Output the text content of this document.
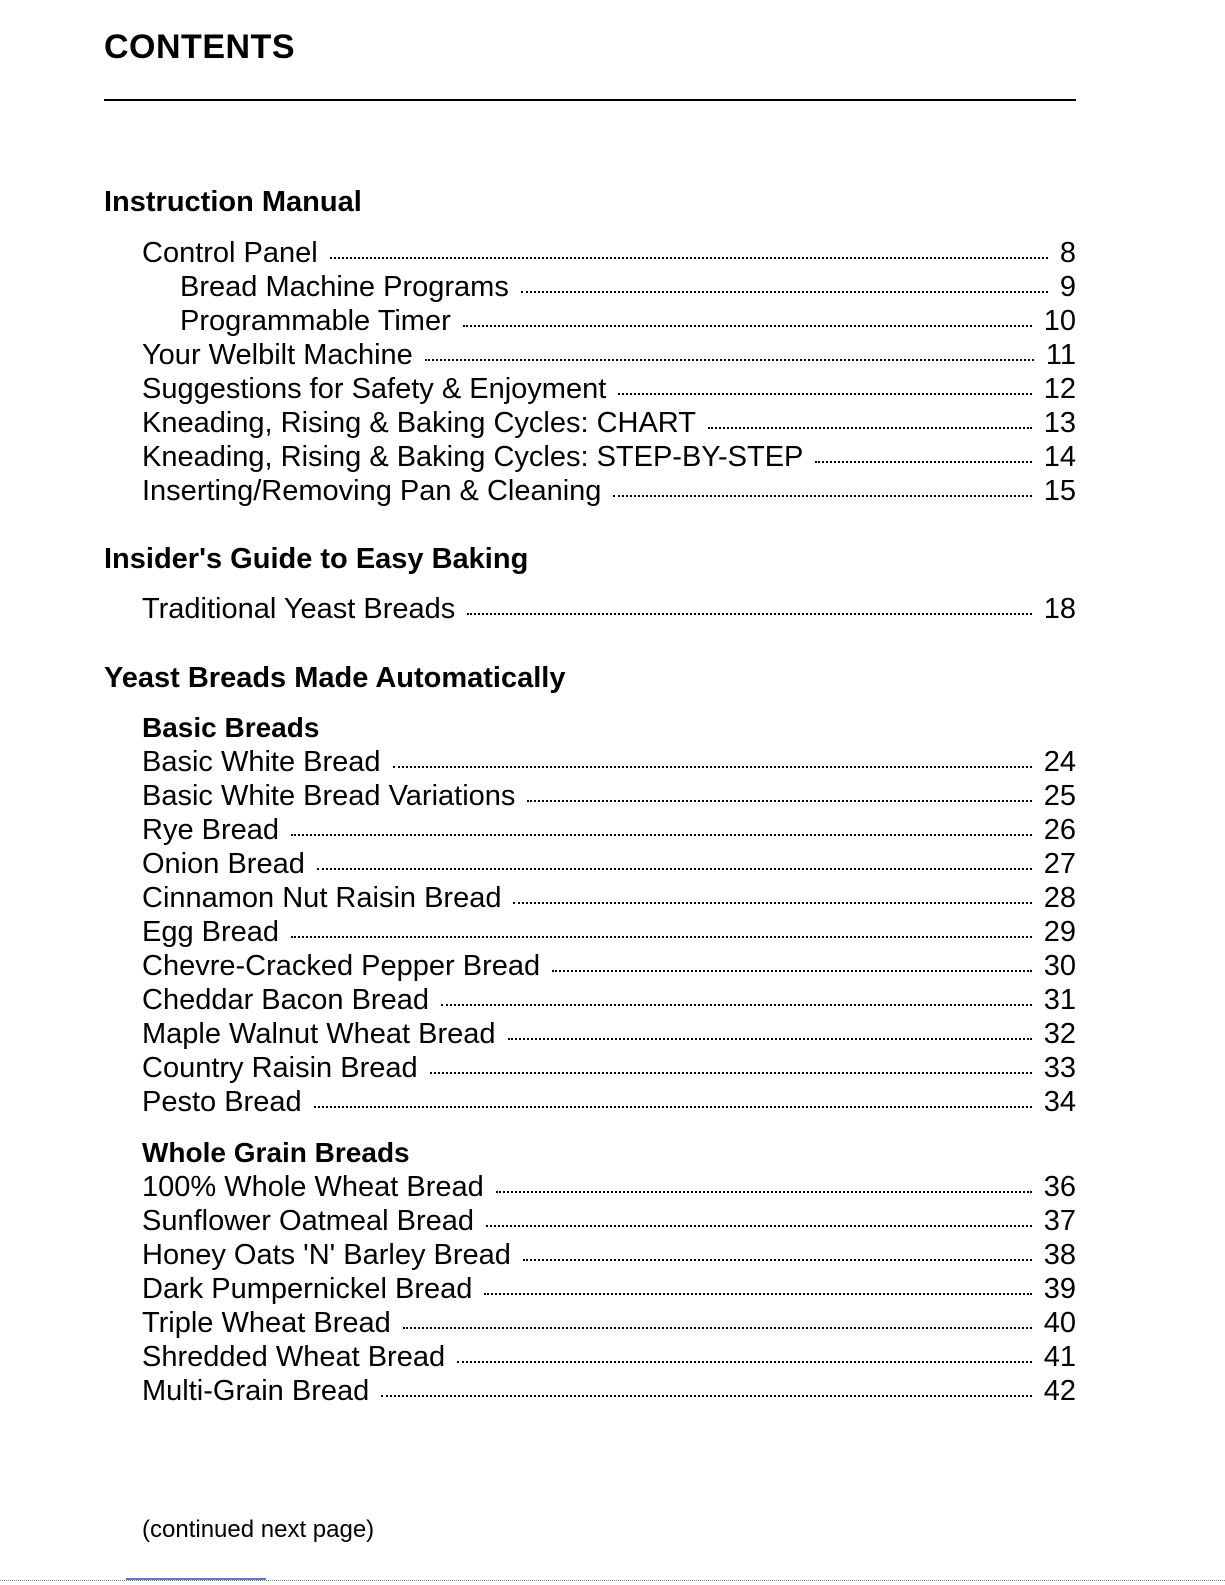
CONTENTS
Instruction Manual
Control Panel	8
Bread Machine Programs	9
Programmable Timer	10
Your Welbilt Machine	11
Suggestions for Safety & Enjoyment	12
Kneading, Rising & Baking Cycles: CHART	13
Kneading, Rising & Baking Cycles: STEP-BY-STEP	14
Inserting/Removing Pan & Cleaning	15
Insider's Guide to Easy Baking
Traditional Yeast Breads	18
Yeast Breads Made Automatically
Basic Breads
Basic White Bread	24
Basic White Bread Variations	25
Rye Bread	26
Onion Bread	27
Cinnamon Nut Raisin Bread	28
Egg Bread	29
Chevre-Cracked Pepper Bread	30
Cheddar Bacon Bread	31
Maple Walnut Wheat Bread	32
Country Raisin Bread	33
Pesto Bread	34
Whole Grain Breads
100% Whole Wheat Bread	36
Sunflower Oatmeal Bread	37
Honey Oats 'N' Barley Bread	38
Dark Pumpernickel Bread	39
Triple Wheat Bread	40
Shredded Wheat Bread	41
Multi-Grain Bread	42
(continued next page)
